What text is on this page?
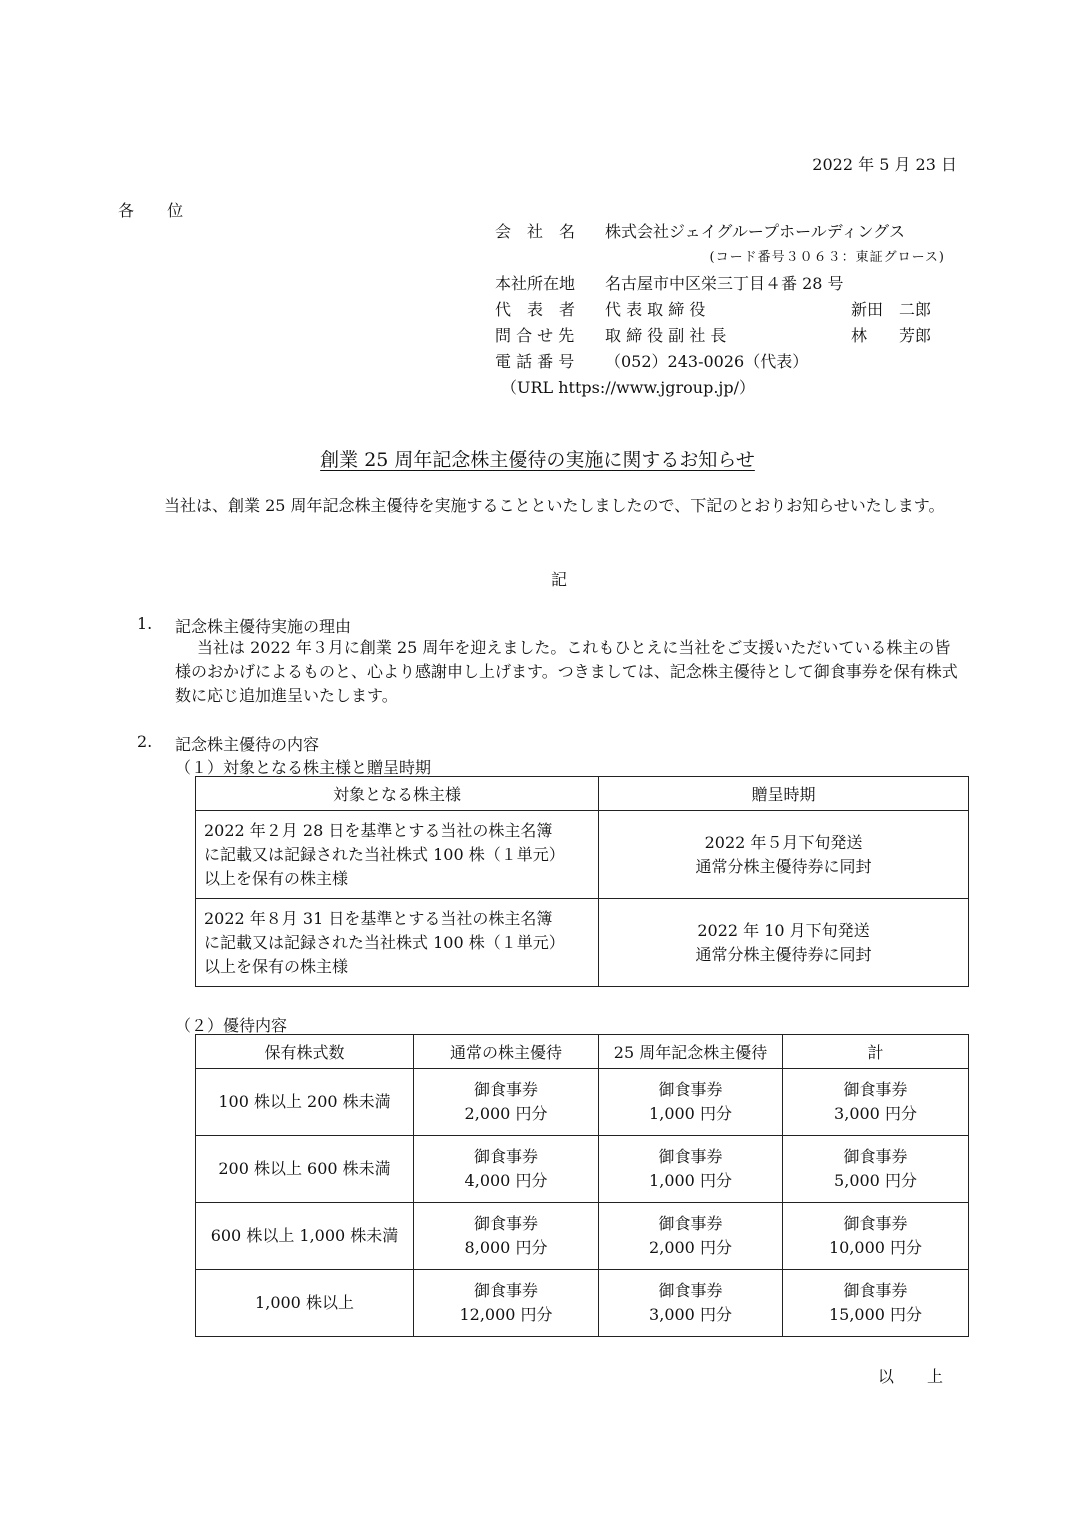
2022 年 5 月 23 日
各 位
会　社　名	株式会社ジェイグループホールディングス
(コード番号３０６３：東証グロース)
本社所在地	名古屋市中区栄三丁目４番 28 号
代　表　者	代 表 取 締 役	新田　二郎
問 合 せ 先	取 締 役 副 社 長	林　　芳郎
電 話 番 号	（052）243-0026（代表）
（URL https://www.jgroup.jp/）
創業 25 周年記念株主優待の実施に関するお知らせ
当社は、創業 25 周年記念株主優待を実施することといたしましたので、下記のとおりお知らせいたします。
記
1. 記念株主優待実施の理由
当社は 2022 年３月に創業 25 周年を迎えました。これもひとえに当社をご支援いただいている株主の皆様のおかげによるものと、心より感謝申し上げます。つきましては、記念株主優待として御食事券を保有株式数に応じ追加進呈いたします。
2. 記念株主優待の内容
（１）対象となる株主様と贈呈時期
対象となる株主様	贈呈時期

2022 年２月 28 日を基準とする当社の株主名簿
に記載又は記録された当社株式 100 株（１単元）
以上を保有の株主様	2022 年５月下旬発送
通常分株主優待券に同封

2022 年８月 31 日を基準とする当社の株主名簿
に記載又は記録された当社株式 100 株（１単元）
以上を保有の株主様	2022 年 10 月下旬発送
通常分株主優待券に同封
（２）優待内容
保有株式数	通常の株主優待	25 周年記念株主優待	計
100 株以上 200 株未満	御食事券
2,000 円分	御食事券
1,000 円分	御食事券
3,000 円分

200 株以上 600 株未満	御食事券
4,000 円分	御食事券
1,000 円分	御食事券
5,000 円分

600 株以上 1,000 株未満	御食事券
8,000 円分	御食事券
2,000 円分	御食事券
10,000 円分

1,000 株以上	御食事券
12,000 円分	御食事券
3,000 円分	御食事券
15,000 円分
以 上
